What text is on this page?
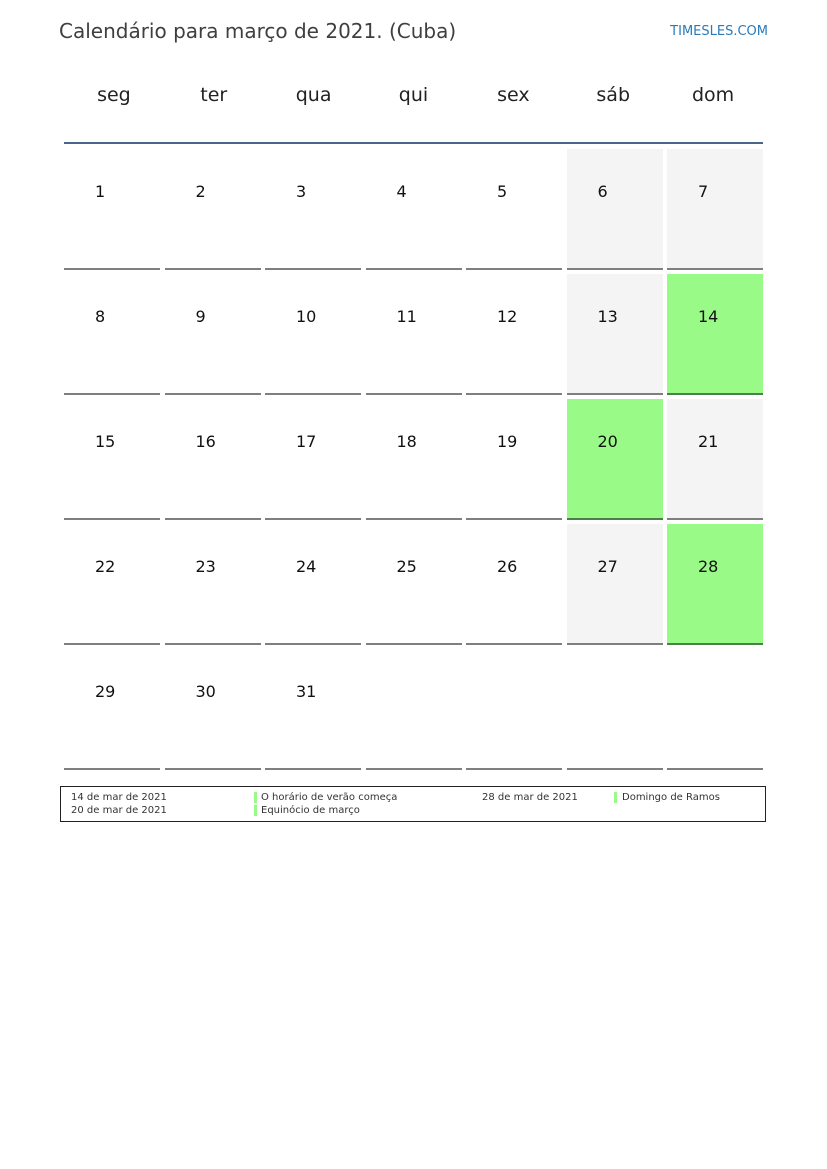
Calendário para março de 2021. (Cuba)	TIMESLES.COM
seg	ter	qua	qui	sex	sáb	dom
1	2	3	4	5	6	7
8	9	10	11	12	13	14
15	16	17	18	19	20	21
22	23	24	25	26	27	28
29	30	31
14 de mar de 2021	O horário de verão começa
20 de mar de 2021	Equinócio de março
28 de mar de 2021	Domingo de Ramos
